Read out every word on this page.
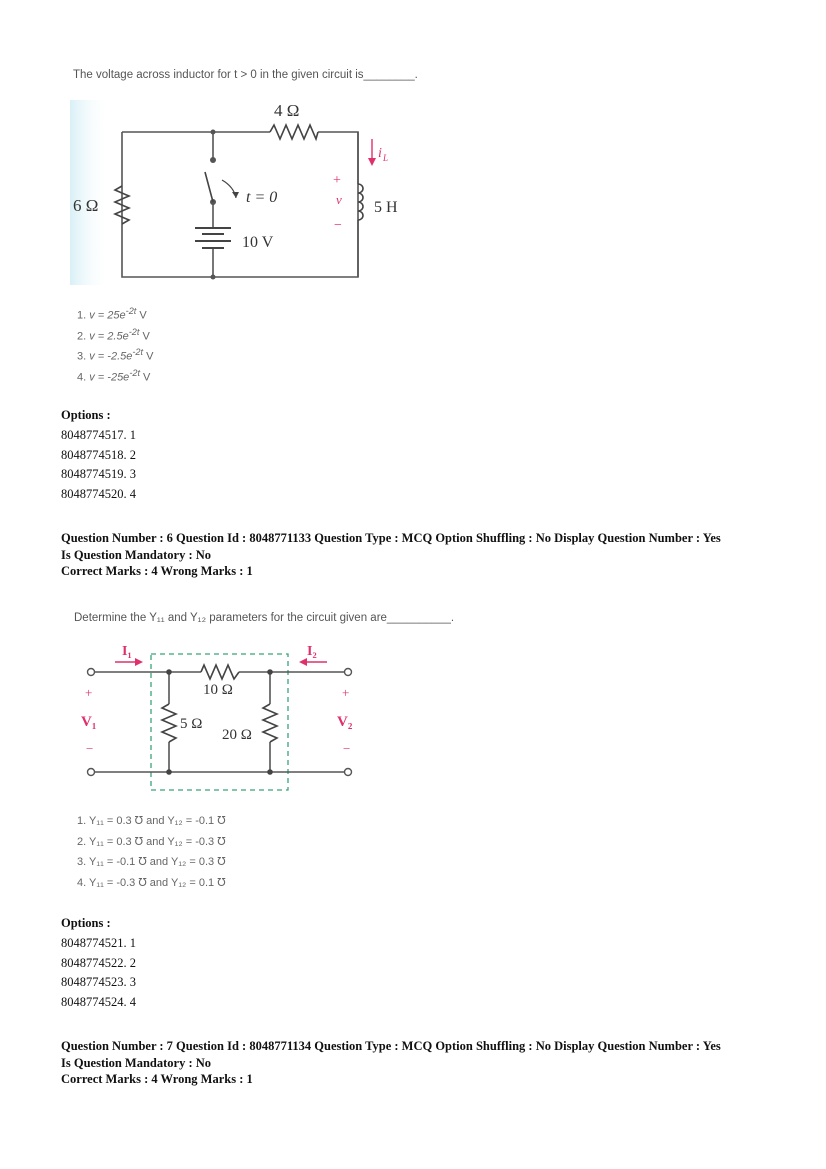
The voltage across inductor for t > 0 in the given circuit is________.
4 Ω
6 Ω	t = 0
10 V
5 H
i L
+
v
−
1. $v = 25e^{-2t}$ V
2. $v = 2.5e^{-2t}$ V
3. $v = -2.5e^{-2t}$ V
4. $v = -25e^{-2t}$ V
Options :
8048774517. 1
8048774518. 2
8048774519. 3
8048774520. 4
Question Number : 6 Question Id : 8048771133 Question Type : MCQ Option Shuffling : No Display Question Number : Yes
Is Question Mandatory : No
Correct Marks : 4 Wrong Marks : 1
Determine the Y₁₁ and Y₁₂ parameters for the circuit given are__________.
I₁	I₂
+
V₁
−
+
V₂
−
10 Ω
5 Ω
20 Ω
1. Y₁₁ = 0.3 ℧ and Y₁₂ = -0.1 ℧
2. Y₁₁ = 0.3 ℧ and Y₁₂ = -0.3 ℧
3. Y₁₁ = -0.1 ℧ and Y₁₂ = 0.3 ℧
4. Y₁₁ = -0.3 ℧ and Y₁₂ = 0.1 ℧
Options :
8048774521. 1
8048774522. 2
8048774523. 3
8048774524. 4
Question Number : 7 Question Id : 8048771134 Question Type : MCQ Option Shuffling : No Display Question Number : Yes
Is Question Mandatory : No
Correct Marks : 4 Wrong Marks : 1
